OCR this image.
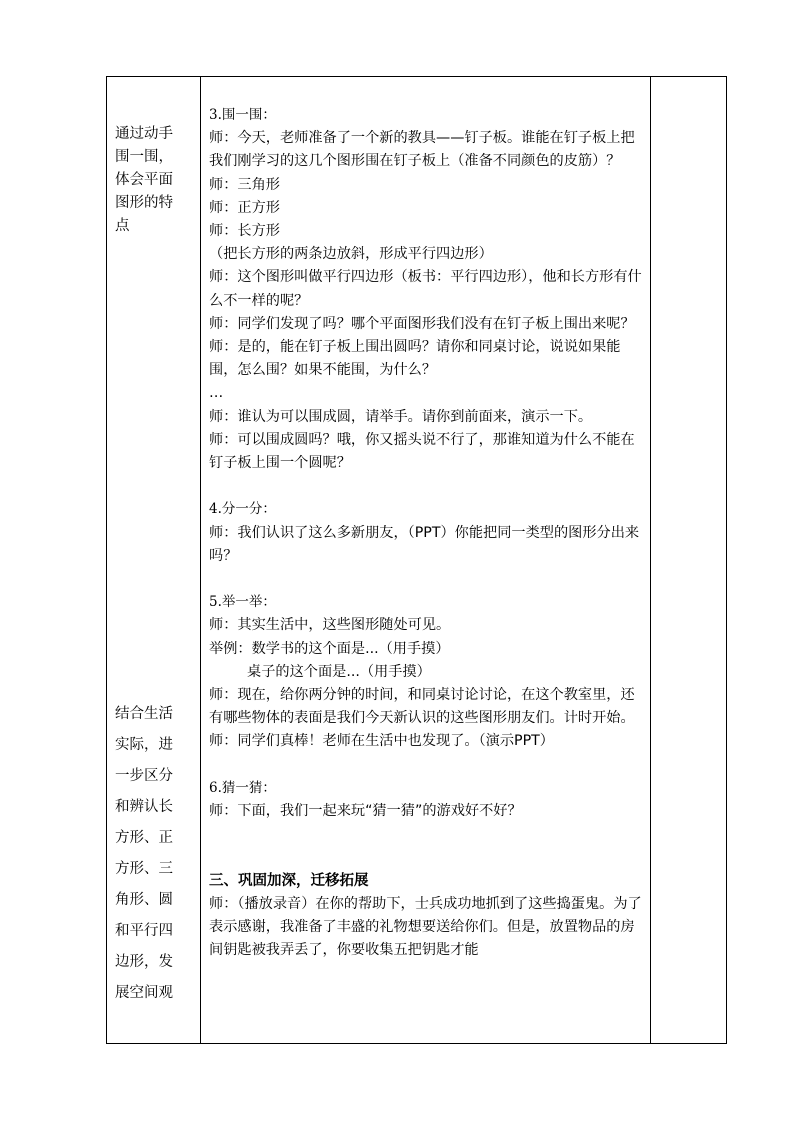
通过动手围一围，体会平面图形的特点
结合生活实际，进一步区分和辨认长方形、正方形、三角形、圆和平行四边形，发展空间观

3.围一围：

师：今天，老师准备了一个新的教具——钉子板。谁能在钉子板上把我们刚学习的这几个图形围在钉子板上（准备不同颜色的皮筋）？

师：三角形

师：正方形

师：长方形

（把长方形的两条边放斜，形成平行四边形）

师：这个图形叫做平行四边形（板书：平行四边形），他和长方形有什么不一样的呢？

师：同学们发现了吗？哪个平面图形我们没有在钉子板上围出来呢？

师：是的，能在钉子板上围出圆吗？请你和同桌讨论，说说如果能围，怎么围？如果不能围，为什么？

…

师：谁认为可以围成圆，请举手。请你到前面来，演示一下。

师：可以围成圆吗？哦，你又摇头说不行了，那谁知道为什么不能在钉子板上围一个圆呢？

4.分一分：

师：我们认识了这么多新朋友，（PPT）你能把同一类型的图形分出来吗？

5.举一举：

师：其实生活中，这些图形随处可见。

举例：数学书的这个面是...（用手摸）

桌子的这个面是...（用手摸）

师：现在，给你两分钟的时间，和同桌讨论讨论，在这个教室里，还有哪些物体的表面是我们今天新认识的这些图形朋友们。计时开始。

师：同学们真棒！老师在生活中也发现了。（演示PPT）

6.猜一猜：

师：下面，我们一起来玩“猜一猜”的游戏好不好？

三、巩固加深，迁移拓展

师：（播放录音）在你的帮助下，士兵成功地抓到了这些捣蛋鬼。为了表示感谢，我准备了丰盛的礼物想要送给你们。但是，放置物品的房间钥匙被我弄丢了，你要收集五把钥匙才能
